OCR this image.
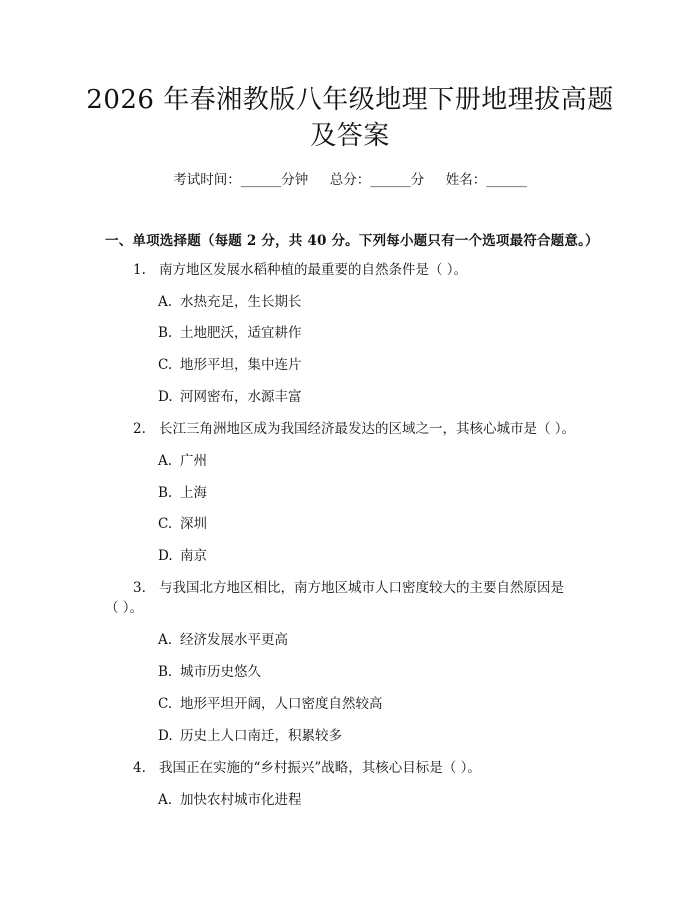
2026 年春湘教版八年级地理下册地理拔高题
及答案
考试时间：______分钟     总分：______分     姓名：______
一、单项选择题（每题 2 分，共 40 分。下列每小题只有一个选项最符合题意。）
1. 南方地区发展水稻种植的最重要的自然条件是（ ）。
A. 水热充足，生长期长
B. 土地肥沃，适宜耕作
C. 地形平坦，集中连片
D. 河网密布，水源丰富
2. 长江三角洲地区成为我国经济最发达的区域之一，其核心城市是（ ）。
A. 广州
B. 上海
C. 深圳
D. 南京
3. 与我国北方地区相比，南方地区城市人口密度较大的主要自然原因是
（ ）。
A. 经济发展水平更高
B. 城市历史悠久
C. 地形平坦开阔，人口密度自然较高
D. 历史上人口南迁，积累较多
4. 我国正在实施的“乡村振兴”战略，其核心目标是（ ）。
A. 加快农村城市化进程
